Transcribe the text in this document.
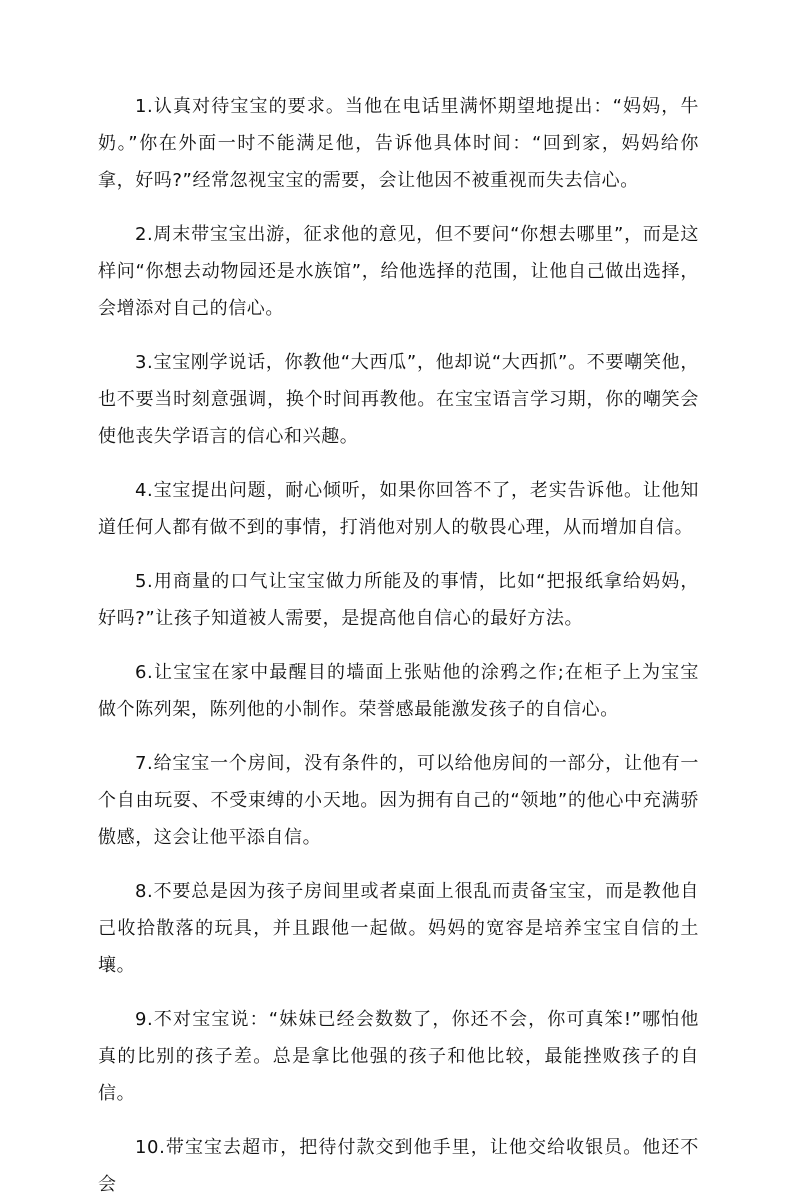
1.认真对待宝宝的要求。当他在电话里满怀期望地提出：“妈妈，牛奶。”你在外面一时不能满足他，告诉他具体时间：“回到家，妈妈给你拿，好吗?”经常忽视宝宝的需要，会让他因不被重视而失去信心。

2.周末带宝宝出游，征求他的意见，但不要问“你想去哪里”，而是这样问“你想去动物园还是水族馆”，给他选择的范围，让他自己做出选择，会增添对自己的信心。

3.宝宝刚学说话，你教他“大西瓜”，他却说“大西抓”。不要嘲笑他，也不要当时刻意强调，换个时间再教他。在宝宝语言学习期，你的嘲笑会使他丧失学语言的信心和兴趣。

4.宝宝提出问题，耐心倾听，如果你回答不了，老实告诉他。让他知道任何人都有做不到的事情，打消他对别人的敬畏心理，从而增加自信。

5.用商量的口气让宝宝做力所能及的事情，比如“把报纸拿给妈妈，好吗?”让孩子知道被人需要，是提高他自信心的最好方法。

6.让宝宝在家中最醒目的墙面上张贴他的涂鸦之作;在柜子上为宝宝做个陈列架，陈列他的小制作。荣誉感最能激发孩子的自信心。

7.给宝宝一个房间，没有条件的，可以给他房间的一部分，让他有一个自由玩耍、不受束缚的小天地。因为拥有自己的“领地”的他心中充满骄傲感，这会让他平添自信。

8.不要总是因为孩子房间里或者桌面上很乱而责备宝宝，而是教他自己收拾散落的玩具，并且跟他一起做。妈妈的宽容是培养宝宝自信的土壤。

9.不对宝宝说：“妹妹已经会数数了，你还不会，你可真笨!”哪怕他真的比别的孩子差。总是拿比他强的孩子和他比较，最能挫败孩子的自信。

10.带宝宝去超市，把待付款交到他手里，让他交给收银员。他还不会
